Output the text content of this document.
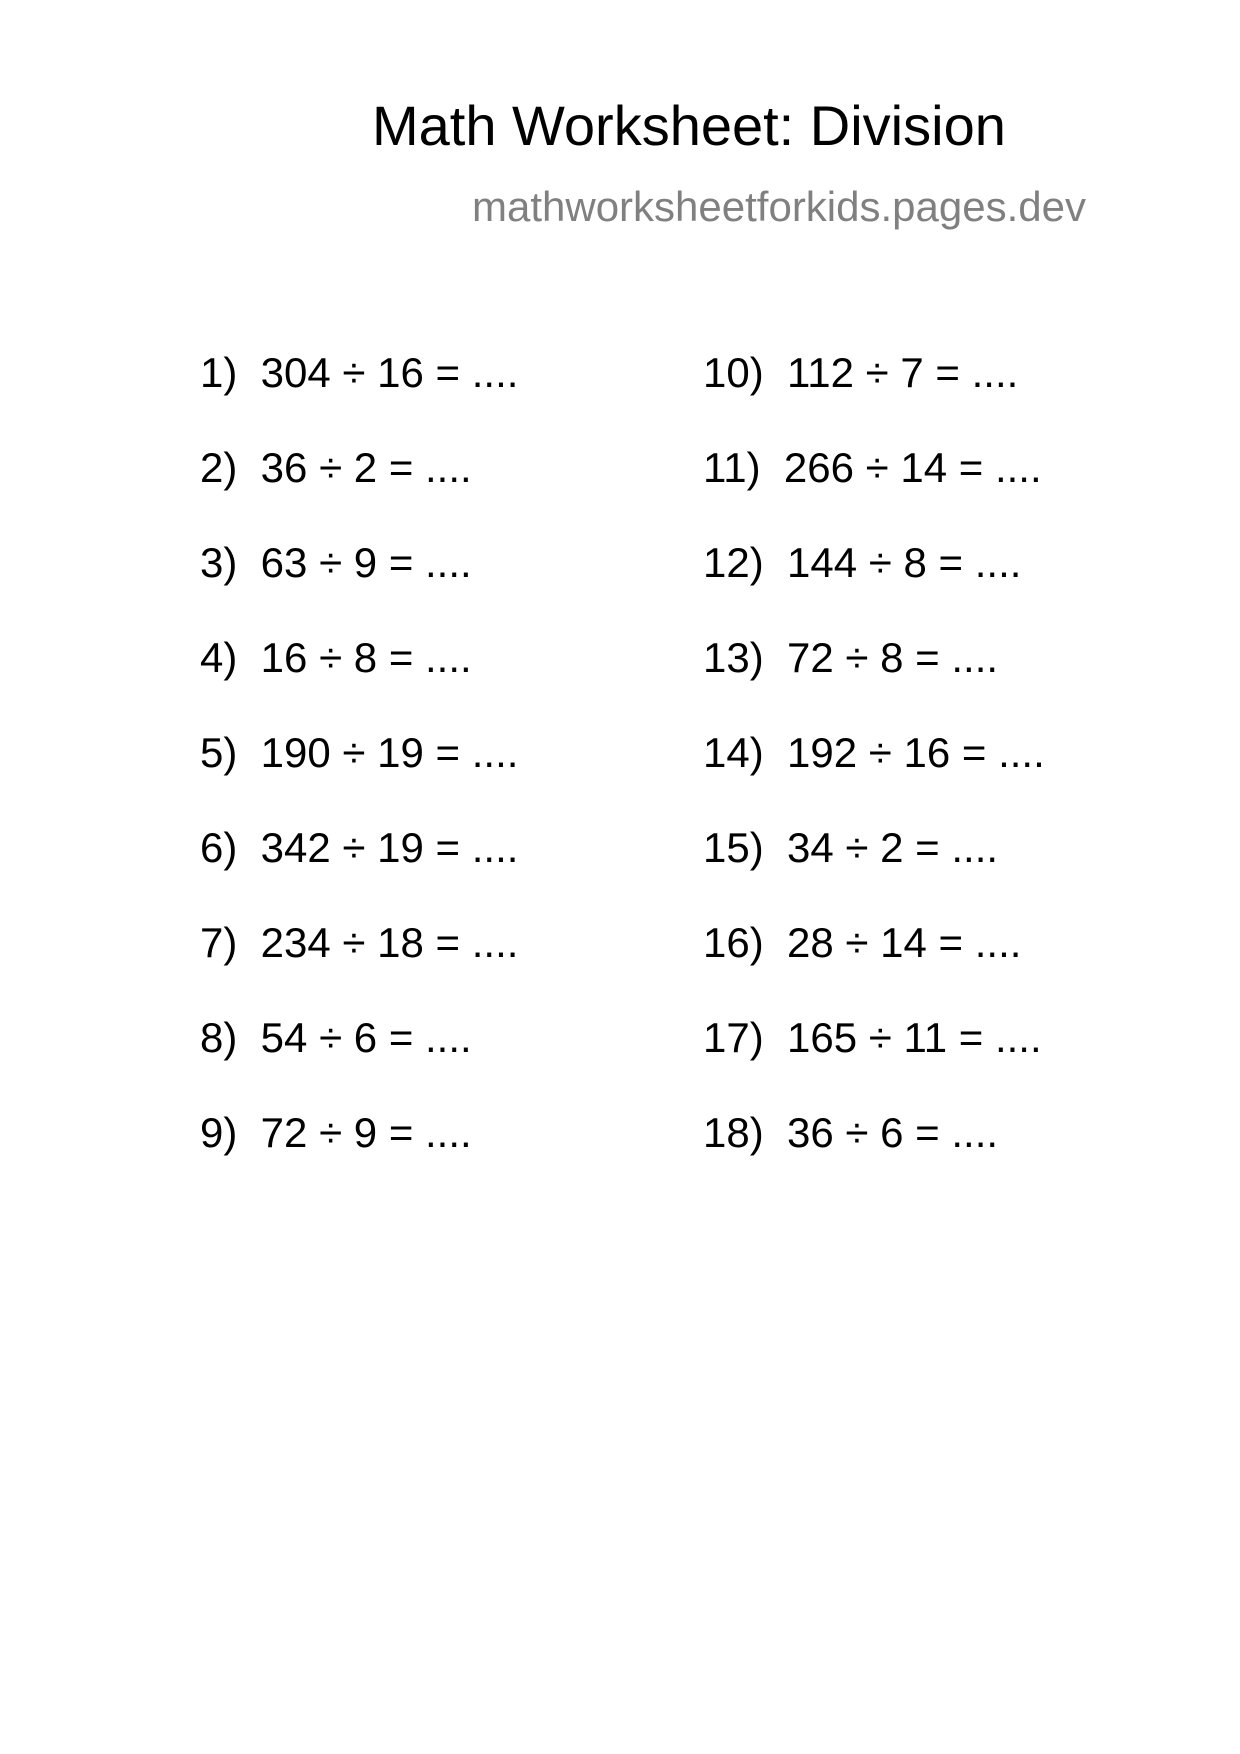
Math Worksheet: Division
mathworksheetforkids.pages.dev
1)  304 ÷ 16 = ....
2)  36 ÷ 2 = ....
3)  63 ÷ 9 = ....
4)  16 ÷ 8 = ....
5)  190 ÷ 19 = ....
6)  342 ÷ 19 = ....
7)  234 ÷ 18 = ....
8)  54 ÷ 6 = ....
9)  72 ÷ 9 = ....
10)  112 ÷ 7 = ....
11)  266 ÷ 14 = ....
12)  144 ÷ 8 = ....
13)  72 ÷ 8 = ....
14)  192 ÷ 16 = ....
15)  34 ÷ 2 = ....
16)  28 ÷ 14 = ....
17)  165 ÷ 11 = ....
18)  36 ÷ 6 = ....
